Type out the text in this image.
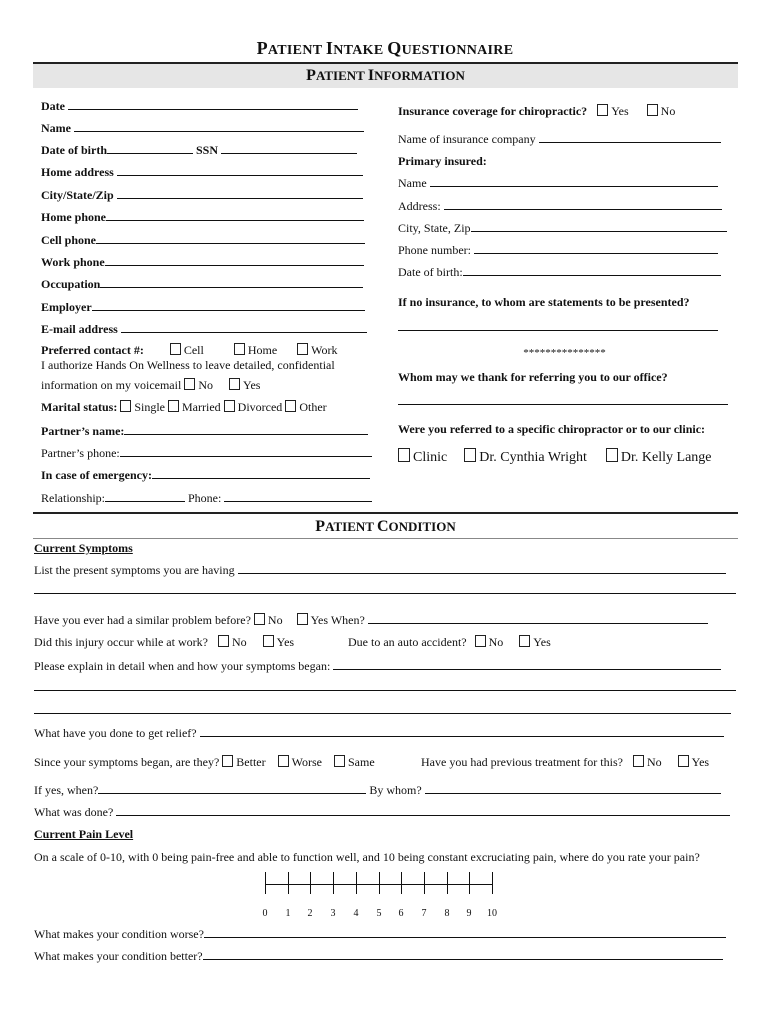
PATIENT INTAKE QUESTIONNAIRE
PATIENT INFORMATION
Date
Name
Date of birth	SSN
Home address
City/State/Zip
Home phone
Cell phone
Work phone
Occupation
Employer
E-mail address
Preferred contact #:	Cell	Home	Work
I authorize Hands On Wellness to leave detailed, confidential
information on my voicemail No	Yes
Marital status: Single Married Divorced Other
Partner’s name:
Partner’s phone:
In case of emergency:
Relationship:	Phone:
Insurance coverage for chiropractic? Yes	No
Name of insurance company
Primary insured:
Name
Address:
City, State, Zip
Phone number:
Date of birth:
If no insurance, to whom are statements to be presented?
***************
Whom may we thank for referring you to our office?
Were you referred to a specific chiropractor or to our clinic:
Clinic Dr. Cynthia Wright Dr. Kelly Lange
PATIENT CONDITION
Current Symptoms
List the present symptoms you are having
Have you ever had a similar problem before? No Yes When?
Did this injury occur while at work? No	Yes	Due to an auto accident? No	Yes
Please explain in detail when and how your symptoms began:
What have you done to get relief?
Since your symptoms began, are they? Better Worse Same	Have you had previous treatment for this? No	Yes
If yes, when?	By whom?
What was done?
Current Pain Level
On a scale of 0-10, with 0 being pain-free and able to function well, and 10 being constant excruciating pain, where do you rate your pain?
0	1	2	3	4	5	6	7	8	9	10
What makes your condition worse?
What makes your condition better?
